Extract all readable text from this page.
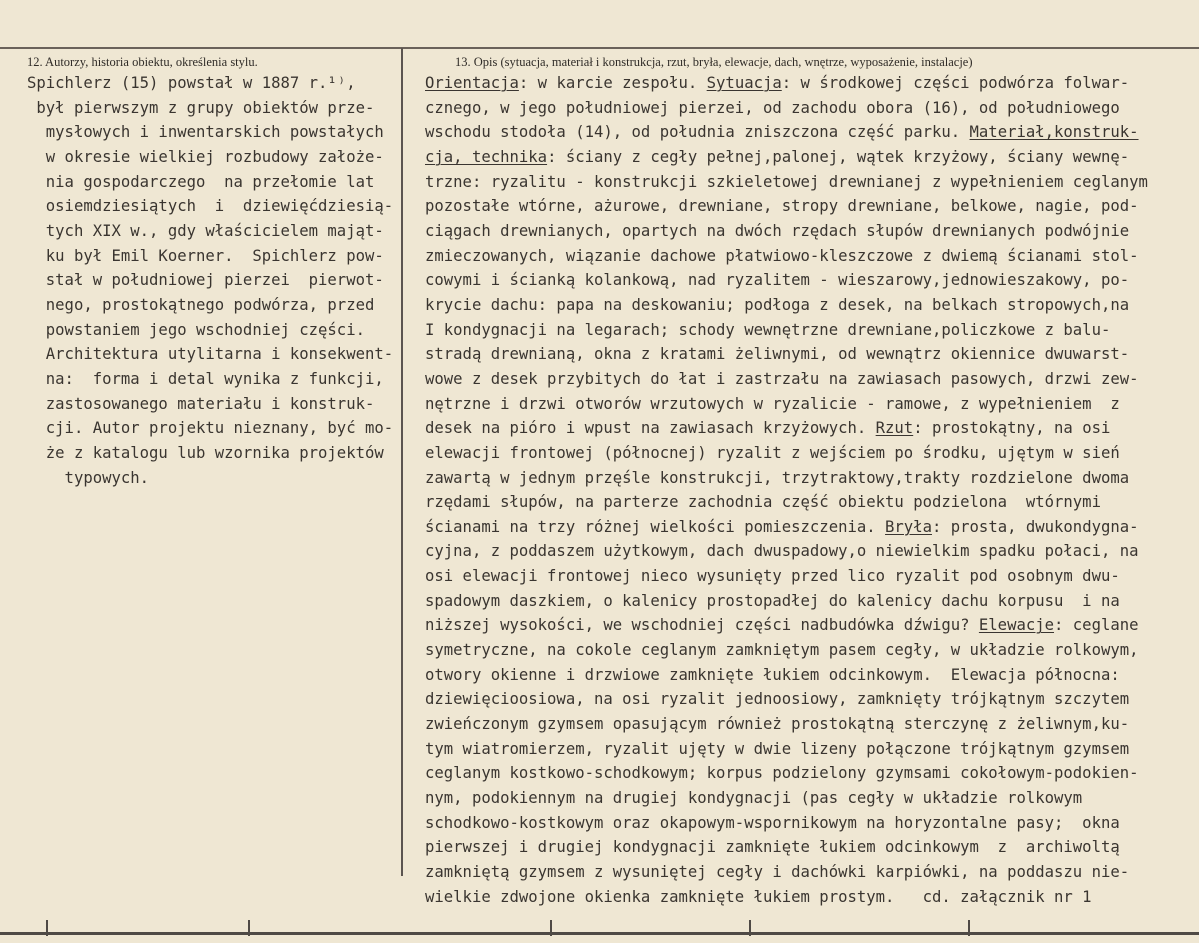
12. Autorzy, historia obiektu, określenia stylu.	13. Opis (sytuacja, materiał i konstrukcja, rzut, bryła, elewacje, dach, wnętrze, wyposażenie, instalacje)
Spichlerz (15) powstał w 1887 r.¹⁾,
był pierwszym z grupy obiektów prze-
mysłowych i inwentarskich powstałych
w okresie wielkiej rozbudowy założe-
nia gospodarczego  na przełomie lat
osiemdziesiątych  i  dziewięćdziesią-
tych XIX w., gdy właścicielem mająt-
ku był Emil Koerner.  Spichlerz pow-
stał w południowej pierzei  pierwot-
nego, prostokątnego podwórza, przed
powstaniem jego wschodniej części.
Architektura utylitarna i konsekwent-
na:  forma i detal wynika z funkcji,
zastosowanego materiału i konstruk-
cji. Autor projektu nieznany, być mo-
że z katalogu lub wzornika projektów
typowych.
Orientacja: w karcie zespołu. Sytuacja: w środkowej części podwórza folwar-
cznego, w jego południowej pierzei, od zachodu obora (16), od południowego
wschodu stodoła (14), od południa zniszczona część parku. Materiał,konstruk-
cja, technika: ściany z cegły pełnej,palonej, wątek krzyżowy, ściany wewnę-
trzne: ryzalitu - konstrukcji szkieletowej drewnianej z wypełnieniem ceglanym
pozostałe wtórne, ażurowe, drewniane, stropy drewniane, belkowe, nagie, pod-
ciągach drewnianych, opartych na dwóch rzędach słupów drewnianych podwójnie
zmieczowanych, wiązanie dachowe płatwiowo-kleszczowe z dwiemą ścianami stol-
cowymi i ścianką kolankową, nad ryzalitem - wieszarowy,jednowieszakowy, po-
krycie dachu: papa na deskowaniu; podłoga z desek, na belkach stropowych,na
I kondygnacji na legarach; schody wewnętrzne drewniane,policzkowe z balu-
stradą drewnianą, okna z kratami żeliwnymi, od wewnątrz okiennice dwuwarst-
wowe z desek przybitych do łat i zastrzału na zawiasach pasowych, drzwi zew-
nętrzne i drzwi otworów wrzutowych w ryzalicie - ramowe, z wypełnieniem  z
desek na pióro i wpust na zawiasach krzyżowych. Rzut: prostokątny, na osi
elewacji frontowej (północnej) ryzalit z wejściem po środku, ujętym w sień
zawartą w jednym przęśle konstrukcji, trzytraktowy,trakty rozdzielone dwoma
rzędami słupów, na parterze zachodnia część obiektu podzielona  wtórnymi
ścianami na trzy różnej wielkości pomieszczenia. Bryła: prosta, dwukondygna-
cyjna, z poddaszem użytkowym, dach dwuspadowy,o niewielkim spadku połaci, na
osi elewacji frontowej nieco wysunięty przed lico ryzalit pod osobnym dwu-
spadowym daszkiem, o kalenicy prostopadłej do kalenicy dachu korpusu  i na
niższej wysokości, we wschodniej części nadbudówka dźwigu? Elewacje: ceglane
symetryczne, na cokole ceglanym zamkniętym pasem cegły, w układzie rolkowym,
otwory okienne i drzwiowe zamknięte łukiem odcinkowym.  Elewacja północna:
dziewięcioosiowa, na osi ryzalit jednoosiowy, zamknięty trójkątnym szczytem
zwieńczonym gzymsem opasującym również prostokątną sterczynę z żeliwnym,ku-
tym wiatromierzem, ryzalit ujęty w dwie lizeny połączone trójkątnym gzymsem
ceglanym kostkowo-schodkowym; korpus podzielony gzymsami cokołowym-podokien-
nym, podokiennym na drugiej kondygnacji (pas cegły w układzie rolkowym
schodkowo-kostkowym oraz okapowym-wspornikowym na horyzontalne pasy;  okna
pierwszej i drugiej kondygnacji zamknięte łukiem odcinkowym  z  archiwoltą
zamkniętą gzymsem z wysuniętej cegły i dachówki karpiówki, na poddaszu nie-
wielkie zdwojone okienka zamknięte łukiem prostym.   cd. załącznik nr 1
